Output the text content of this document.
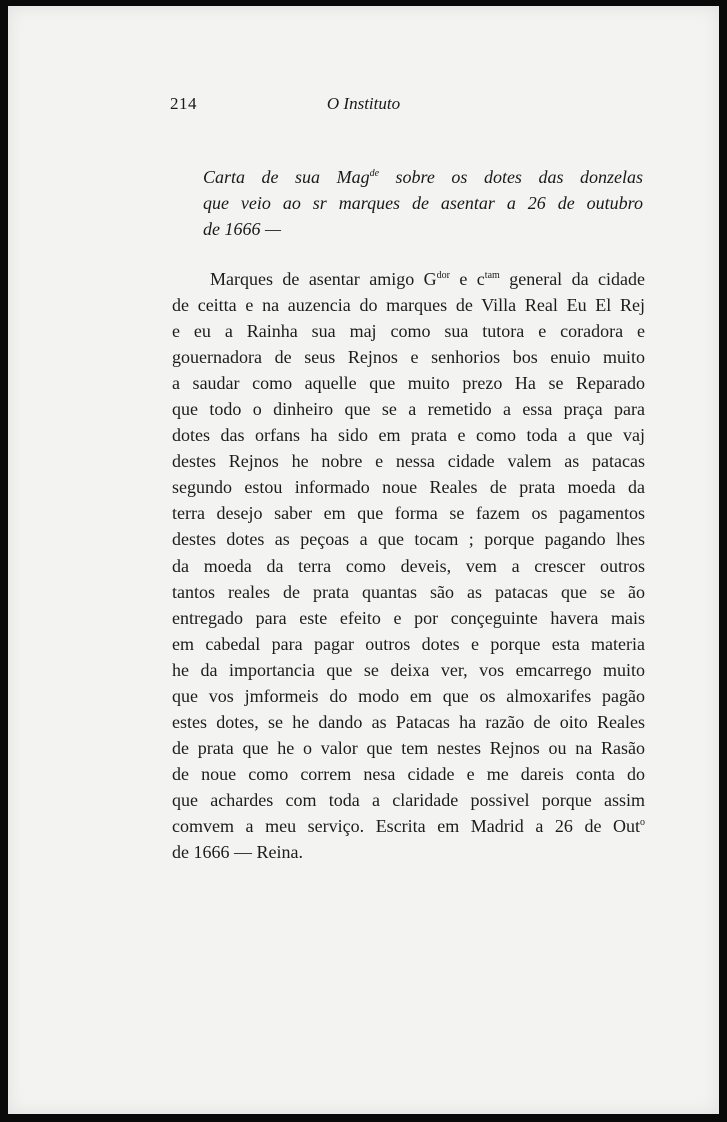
214	O Instituto
Carta de sua Mag$^{de}$ sobre os dotes das donzelas
que veio ao sr marques de asentar a 26 de outubro
de 1666 —
Marques de asentar amigo $G^{dor}$ e $c^{tam}$ general da cidade
de ceitta e na auzencia do marques de Villa Real Eu El Rej
e eu a Rainha sua maj como sua tutora e coradora e
gouernadora de seus Rejnos e senhorios bos enuio muito
a saudar como aquelle que muito prezo Ha se Reparado
que todo o dinheiro que se a remetido a essa praça para
dotes das orfans ha sido em prata e como toda a que vaj
destes Rejnos he nobre e nessa cidade valem as patacas
segundo estou informado noue Reales de prata moeda da
terra desejo saber em que forma se fazem os pagamentos
destes dotes as peçoas a que tocam ; porque pagando lhes
da moeda da terra como deveis, vem a crescer outros
tantos reales de prata quantas são as patacas que se ão
entregado para este efeito e por conçeguinte havera mais
em cabedal para pagar outros dotes e porque esta materia
he da importancia que se deixa ver, vos emcarrego muito
que vos jmformeis do modo em que os almoxarifes pagão
estes dotes, se he dando as Patacas ha razão de oito Reales
de prata que he o valor que tem nestes Rejnos ou na Rasão
de noue como correm nesa cidade e me dareis conta do
que achardes com toda a claridade possivel porque assim
comvem a meu serviço. Escrita em Madrid a 26 de Out$^o$
de 1666 — Reina.
